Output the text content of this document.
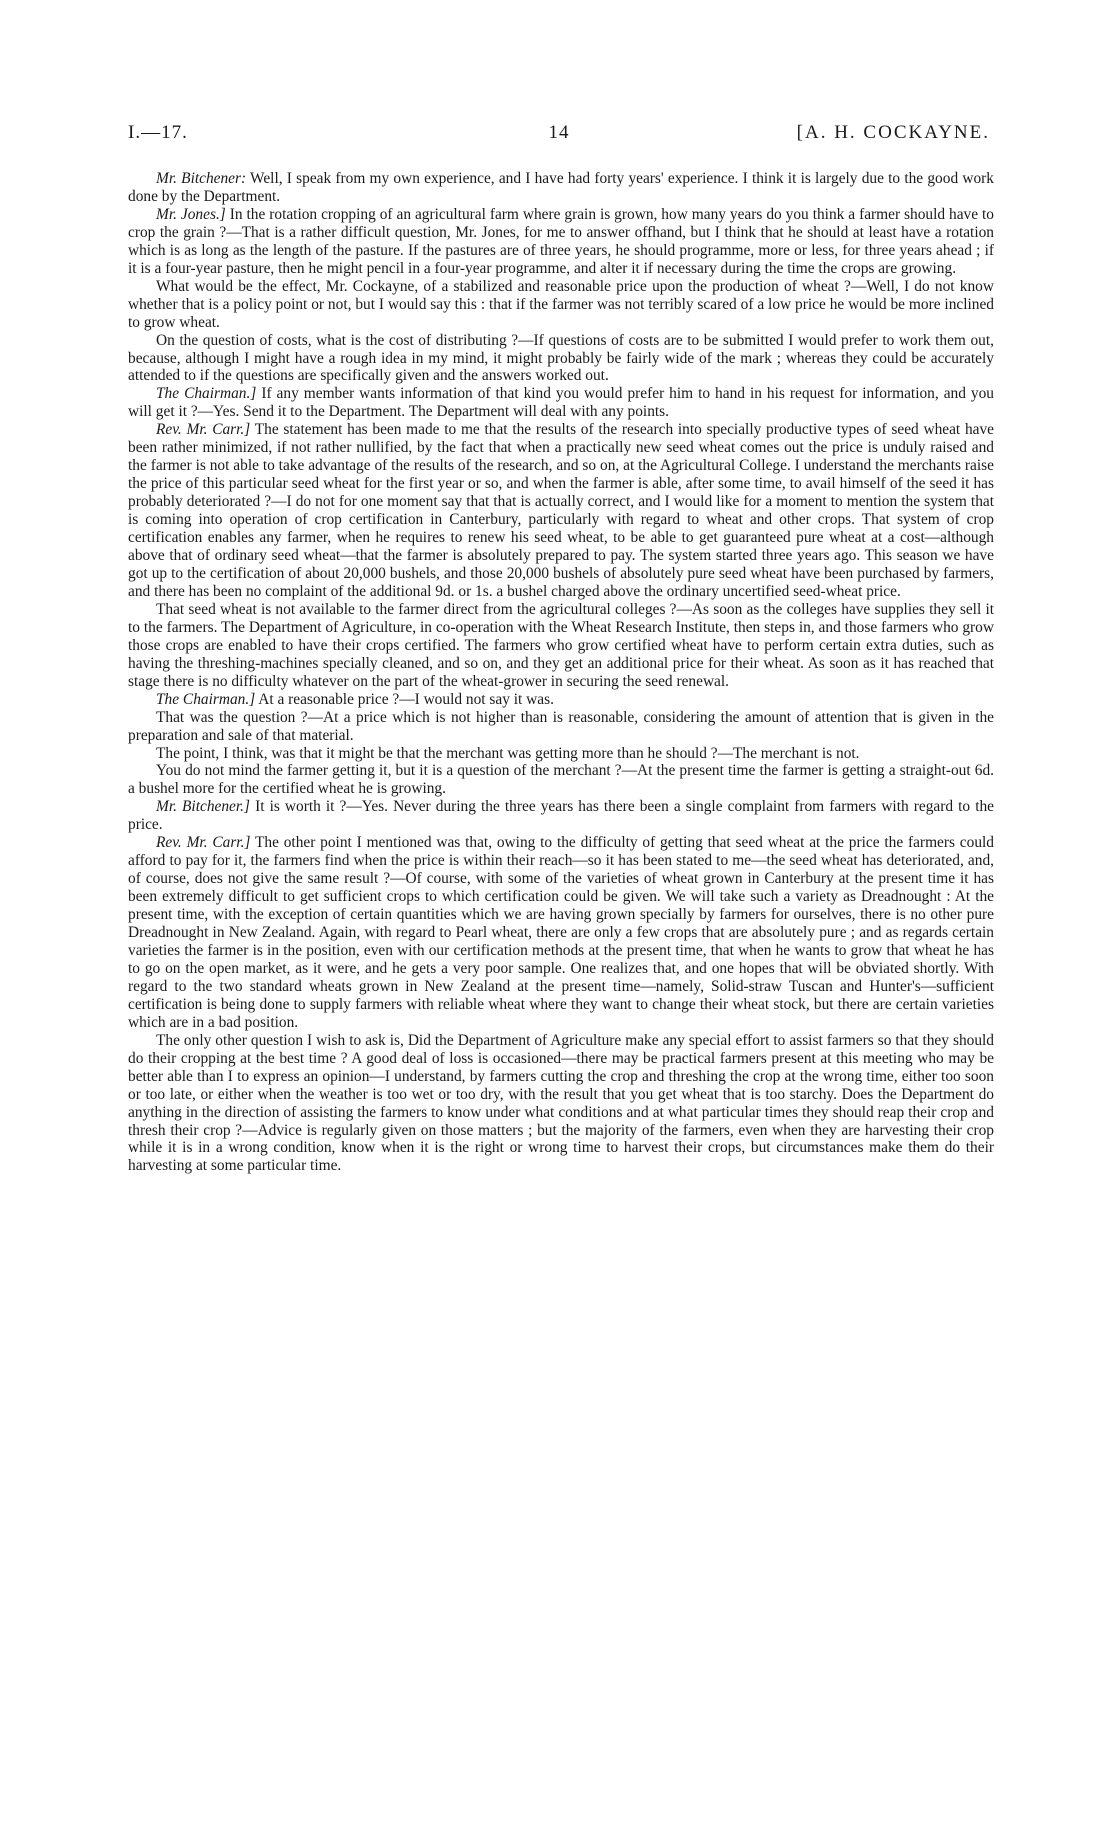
I.—17.	14	[A. H. COCKAYNE.

Mr. Bitchener: Well, I speak from my own experience, and I have had forty years' experience. I think it is largely due to the good work done by the Department.

Mr. Jones.] In the rotation cropping of an agricultural farm where grain is grown, how many years do you think a farmer should have to crop the grain ?—That is a rather difficult question, Mr. Jones, for me to answer offhand, but I think that he should at least have a rotation which is as long as the length of the pasture. If the pastures are of three years, he should programme, more or less, for three years ahead ; if it is a four-year pasture, then he might pencil in a four-year programme, and alter it if necessary during the time the crops are growing.

What would be the effect, Mr. Cockayne, of a stabilized and reasonable price upon the production of wheat ?—Well, I do not know whether that is a policy point or not, but I would say this : that if the farmer was not terribly scared of a low price he would be more inclined to grow wheat.

On the question of costs, what is the cost of distributing ?—If questions of costs are to be submitted I would prefer to work them out, because, although I might have a rough idea in my mind, it might probably be fairly wide of the mark ; whereas they could be accurately attended to if the questions are specifically given and the answers worked out.

The Chairman.] If any member wants information of that kind you would prefer him to hand in his request for information, and you will get it ?—Yes. Send it to the Department. The Department will deal with any points.

Rev. Mr. Carr.] The statement has been made to me that the results of the research into specially productive types of seed wheat have been rather minimized, if not rather nullified, by the fact that when a practically new seed wheat comes out the price is unduly raised and the farmer is not able to take advantage of the results of the research, and so on, at the Agricultural College. I understand the merchants raise the price of this particular seed wheat for the first year or so, and when the farmer is able, after some time, to avail himself of the seed it has probably deteriorated ?—I do not for one moment say that that is actually correct, and I would like for a moment to mention the system that is coming into operation of crop certification in Canterbury, particularly with regard to wheat and other crops. That system of crop certification enables any farmer, when he requires to renew his seed wheat, to be able to get guaranteed pure wheat at a cost—although above that of ordinary seed wheat—that the farmer is absolutely prepared to pay. The system started three years ago. This season we have got up to the certification of about 20,000 bushels, and those 20,000 bushels of absolutely pure seed wheat have been purchased by farmers, and there has been no complaint of the additional 9d. or 1s. a bushel charged above the ordinary uncertified seed-wheat price.

That seed wheat is not available to the farmer direct from the agricultural colleges ?—As soon as the colleges have supplies they sell it to the farmers. The Department of Agriculture, in co-operation with the Wheat Research Institute, then steps in, and those farmers who grow those crops are enabled to have their crops certified. The farmers who grow certified wheat have to perform certain extra duties, such as having the threshing-machines specially cleaned, and so on, and they get an additional price for their wheat. As soon as it has reached that stage there is no difficulty whatever on the part of the wheat-grower in securing the seed renewal.

The Chairman.] At a reasonable price ?—I would not say it was.

That was the question ?—At a price which is not higher than is reasonable, considering the amount of attention that is given in the preparation and sale of that material.

The point, I think, was that it might be that the merchant was getting more than he should ?—The merchant is not.

You do not mind the farmer getting it, but it is a question of the merchant ?—At the present time the farmer is getting a straight-out 6d. a bushel more for the certified wheat he is growing.

Mr. Bitchener.] It is worth it ?—Yes. Never during the three years has there been a single complaint from farmers with regard to the price.

Rev. Mr. Carr.] The other point I mentioned was that, owing to the difficulty of getting that seed wheat at the price the farmers could afford to pay for it, the farmers find when the price is within their reach—so it has been stated to me—the seed wheat has deteriorated, and, of course, does not give the same result ?—Of course, with some of the varieties of wheat grown in Canterbury at the present time it has been extremely difficult to get sufficient crops to which certification could be given. We will take such a variety as Dreadnought : At the present time, with the exception of certain quantities which we are having grown specially by farmers for ourselves, there is no other pure Dreadnought in New Zealand. Again, with regard to Pearl wheat, there are only a few crops that are absolutely pure ; and as regards certain varieties the farmer is in the position, even with our certification methods at the present time, that when he wants to grow that wheat he has to go on the open market, as it were, and he gets a very poor sample. One realizes that, and one hopes that will be obviated shortly. With regard to the two standard wheats grown in New Zealand at the present time—namely, Solid-straw Tuscan and Hunter's—sufficient certification is being done to supply farmers with reliable wheat where they want to change their wheat stock, but there are certain varieties which are in a bad position.

The only other question I wish to ask is, Did the Department of Agriculture make any special effort to assist farmers so that they should do their cropping at the best time ? A good deal of loss is occasioned—there may be practical farmers present at this meeting who may be better able than I to express an opinion—I understand, by farmers cutting the crop and threshing the crop at the wrong time, either too soon or too late, or either when the weather is too wet or too dry, with the result that you get wheat that is too starchy. Does the Department do anything in the direction of assisting the farmers to know under what conditions and at what particular times they should reap their crop and thresh their crop ?—Advice is regularly given on those matters ; but the majority of the farmers, even when they are harvesting their crop while it is in a wrong condition, know when it is the right or wrong time to harvest their crops, but circumstances make them do their harvesting at some particular time.
